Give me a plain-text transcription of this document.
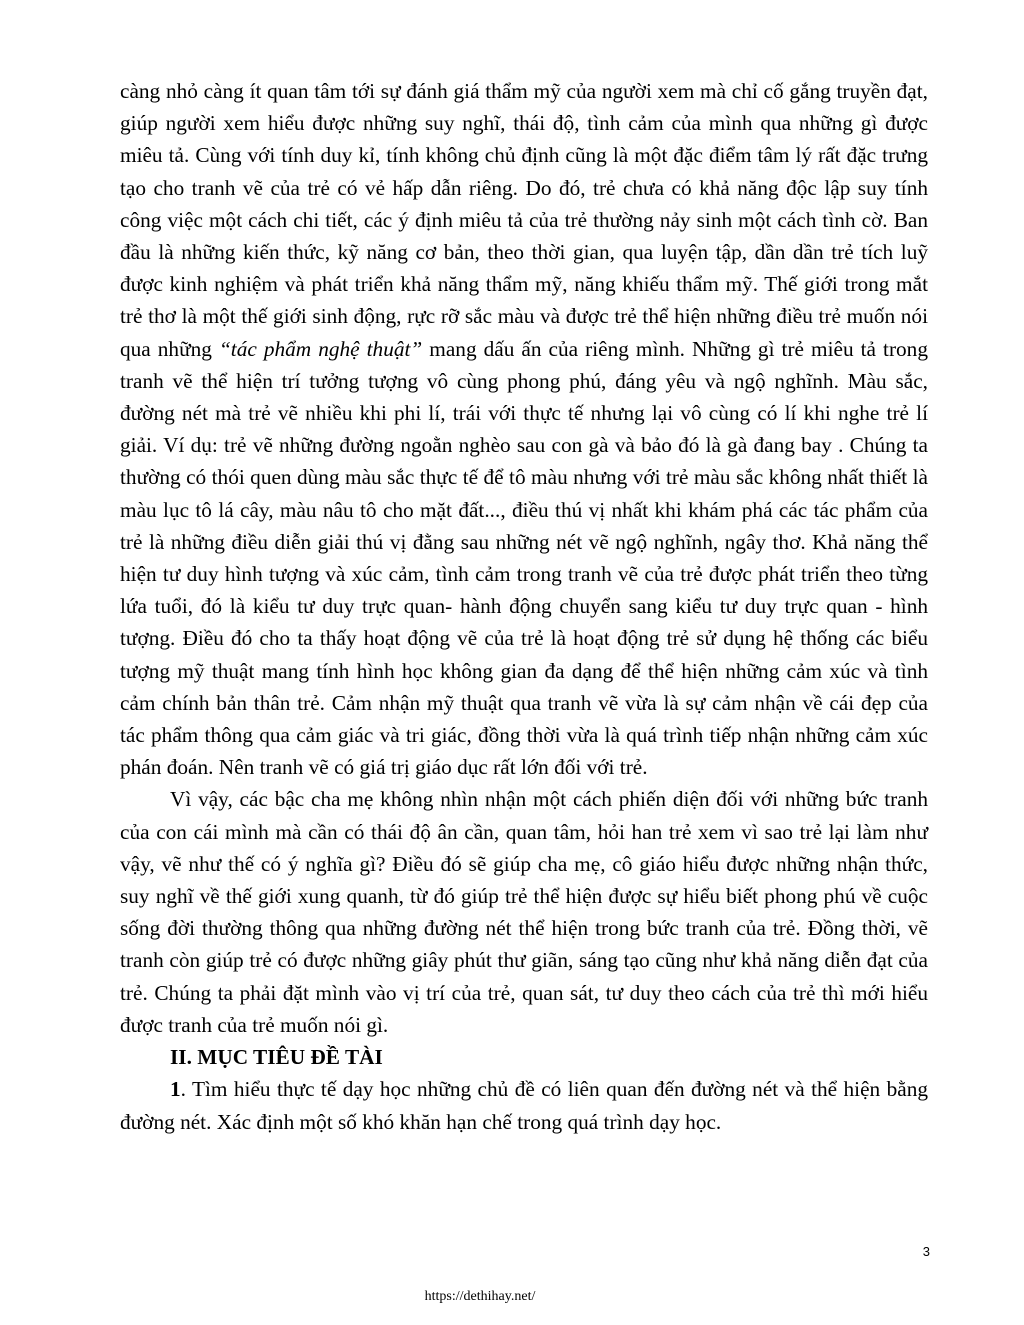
càng nhỏ càng ít quan tâm tới sự đánh giá thẩm mỹ của người xem mà chỉ cố gắng truyền đạt, giúp người xem hiểu được những suy nghĩ, thái độ, tình cảm của mình qua những gì được miêu tả. Cùng với tính duy kỉ, tính không chủ định cũng là một đặc điểm tâm lý rất đặc trưng tạo cho tranh vẽ của trẻ có vẻ hấp dẫn riêng. Do đó, trẻ chưa có khả năng độc lập suy tính công việc một cách chi tiết, các ý định miêu tả của trẻ thường nảy sinh một cách tình cờ. Ban đầu là những kiến thức, kỹ năng cơ bản, theo thời gian, qua luyện tập, dần dần trẻ tích luỹ được kinh nghiệm và phát triển khả năng thẩm mỹ, năng khiếu thẩm mỹ. Thế giới trong mắt trẻ thơ là một thế giới sinh động, rực rỡ sắc màu và được trẻ thể hiện những điều trẻ muốn nói qua những “tác phẩm nghệ thuật” mang dấu ấn của riêng mình. Những gì trẻ miêu tả trong tranh vẽ thể hiện trí tưởng tượng vô cùng phong phú, đáng yêu và ngộ nghĩnh. Màu sắc, đường nét mà trẻ vẽ nhiều khi phi lí, trái với thực tế nhưng lại vô cùng có lí khi nghe trẻ lí giải. Ví dụ: trẻ vẽ những đường ngoằn nghèo sau con gà và bảo đó là gà đang bay . Chúng ta thường có thói quen dùng màu sắc thực tế để tô màu nhưng với trẻ màu sắc không nhất thiết là màu lục tô lá cây, màu nâu tô cho mặt đất..., điều thú vị nhất khi khám phá các tác phẩm của trẻ là những điều diễn giải thú vị đằng sau những nét vẽ ngộ nghĩnh, ngây thơ. Khả năng thể hiện tư duy hình tượng và xúc cảm, tình cảm trong tranh vẽ của trẻ được phát triển theo từng lứa tuổi, đó là kiểu tư duy trực quan- hành động chuyển sang kiểu tư duy trực quan - hình tượng. Điều đó cho ta thấy hoạt động vẽ của trẻ là hoạt động trẻ sử dụng hệ thống các biểu tượng mỹ thuật mang tính hình học không gian đa dạng để thể hiện những cảm xúc và tình cảm chính bản thân trẻ. Cảm nhận mỹ thuật qua tranh vẽ vừa là sự cảm nhận về cái đẹp của tác phẩm thông qua cảm giác và tri giác, đồng thời vừa là quá trình tiếp nhận những cảm xúc phán đoán. Nên tranh vẽ có giá trị giáo dục rất lớn đối với trẻ.

Vì vậy, các bậc cha mẹ không nhìn nhận một cách phiến diện đối với những bức tranh của con cái mình mà cần có thái độ ân cần, quan tâm, hỏi han trẻ xem vì sao trẻ lại làm như vậy, vẽ như thế có ý nghĩa gì? Điều đó sẽ giúp cha mẹ, cô giáo hiểu được những nhận thức, suy nghĩ về thế giới xung quanh, từ đó giúp trẻ thể hiện được sự hiểu biết phong phú về cuộc sống đời thường thông qua những đường nét thể hiện trong bức tranh của trẻ. Đồng thời, vẽ tranh còn giúp trẻ có được những giây phút thư giãn, sáng tạo cũng như khả năng diễn đạt của trẻ. Chúng ta phải đặt mình vào vị trí của trẻ, quan sát, tư duy theo cách của trẻ thì mới hiểu được tranh của trẻ muốn nói gì.

II. MỤC TIÊU ĐỀ TÀI

1. Tìm hiểu thực tế dạy học những chủ đề có liên quan đến đường nét và thể hiện bằng đường nét. Xác định một số khó khăn hạn chế trong quá trình dạy học.

3
https://dethihay.net/
